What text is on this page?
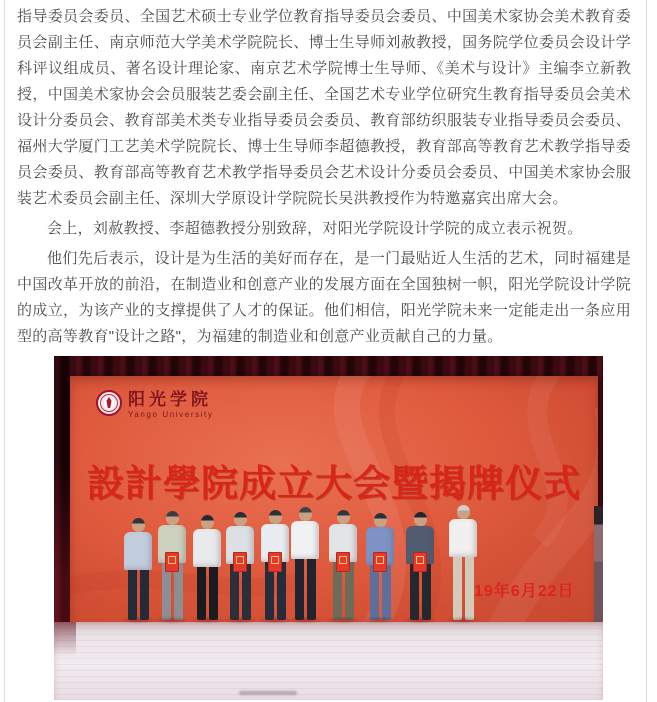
指导委员会委员、全国艺术硕士专业学位教育指导委员会委员、中国美术家协会美术教育委员会副主任、南京师范大学美术学院院长、博士生导师刘赦教授，国务院学位委员会设计学科评议组成员、著名设计理论家、南京艺术学院博士生导师、《美术与设计》主编李立新教授，中国美术家协会会员服装艺委会副主任、全国艺术专业学位研究生教育指导委员会美术设计分委员会、教育部美术类专业指导委员会委员、教育部纺织服装专业指导委员会委员、福州大学厦门工艺美术学院院长、博士生导师李超德教授，教育部高等教育艺术教学指导委员会委员、教育部高等教育艺术教学指导委员会艺术设计分委员会委员、中国美术家协会服装艺术委员会副主任、深圳大学原设计学院院长吴洪教授作为特邀嘉宾出席大会。

会上，刘赦教授、李超德教授分别致辞，对阳光学院设计学院的成立表示祝贺。

他们先后表示，设计是为生活的美好而存在，是一门最贴近人生活的艺术，同时福建是中国改革开放的前沿，在制造业和创意产业的发展方面在全国独树一帜，阳光学院设计学院的成立，为该产业的支撑提供了人才的保证。他们相信，阳光学院未来一定能走出一条应用型的高等教育"设计之路"，为福建的制造业和创意产业贡献自己的力量。

阳光学院
Yango University
設計學院成立大会暨揭牌仪式
19年6月22日
